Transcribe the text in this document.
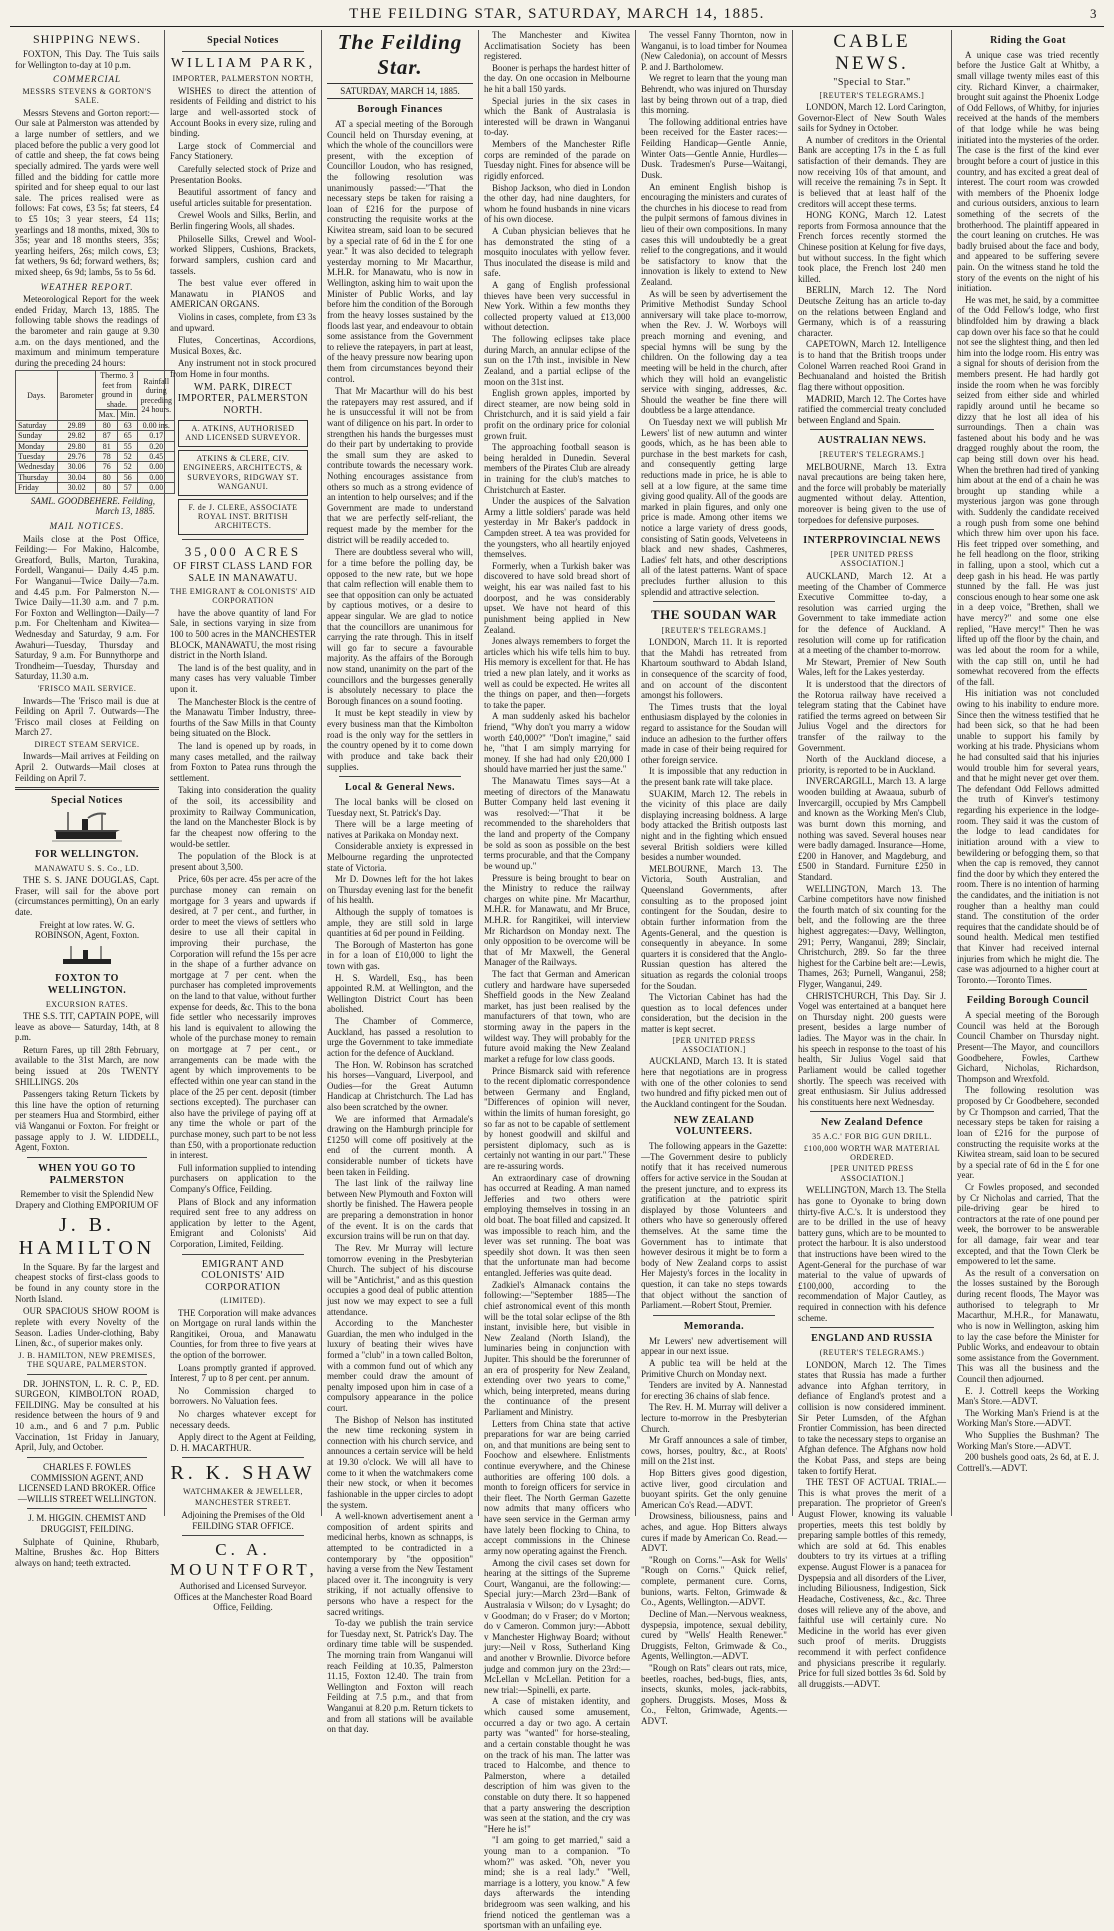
THE FEILDING STAR, SATURDAY, MARCH 14, 1885.	3
SHIPPING NEWS.

FOXTON, This Day. The Tuis sails for Wellington to-day at 10 p.m.

COMMERCIAL
MESSRS STEVENS & GORTON'S SALE.

Messrs Stevens and Gorton report:— Our sale at Palmerston was attended by a large number of settlers, and we placed before the public a very good lot of cattle and sheep, the fat cows being specially admired. The yards were well filled and the bidding for cattle more spirited and for sheep equal to our last sale. The prices realised were as follows: Fat cows, £3 5s; fat steers, £4 to £5 10s; 3 year steers, £4 11s; yearlings and 18 months, mixed, 30s to 35s; year and 18 months steers, 35s; yearling heifers, 26s; milch cows, £3; fat wethers, 9s 6d; forward wethers, 8s; mixed sheep, 6s 9d; lambs, 5s to 5s 6d.

WEATHER REPORT.

Meteorological Report for the week ended Friday, March 13, 1885. The following table shows the readings of the barometer and rain gauge at 9.30 a.m. on the days mentioned, and the maximum and minimum temperature during the preceding 24 hours:

Days.	Barometer	Thermo. 3 feet from ground in shade.		Rainfall during preceding 24 hours.
		Max.	Min.	
Saturday	29.89	80	63	0.00 ins.
Sunday	29.82	87	65	0.17
Monday	29.80	81	55	0.20
Tuesday	29.76	78	52	0.45
Wednesday	30.06	76	52	0.00
Thursday	30.04	80	56	0.00
Friday	30.02	80	57	0.00
SAML. GOODBEHERE. Feilding, March 13, 1885.
MAIL NOTICES.

Mails close at the Post Office, Feilding:— For Makino, Halcombe, Greatford, Bulls, Marton, Turakina, Fordell, Wanganui— Daily 4.45 p.m. For Wanganui—Twice Daily—7a.m. and 4.45 p.m. For Palmerston N.—Twice Daily—11.30 a.m. and 7 p.m. For Foxton and Wellington—Daily—7 p.m. For Cheltenham and Kiwitea—Wednesday and Saturday, 9 a.m. For Awahuri—Tuesday, Thursday and Saturday, 9 a.m. For Bunnythorpe and Trondheim—Tuesday, Thursday and Saturday, 11.30 a.m.

'FRISCO MAIL SERVICE.

Inwards—The 'Frisco mail is due at Feilding on April 7. Outwards—The 'Frisco mail closes at Feilding on March 27.

DIRECT STEAM SERVICE.

Inwards—Mail arrives at Feilding on April 2. Outwards—Mail closes at Feilding on April 7.

Special Notices
FOR WELLINGTON.
MANAWATU S. S. Co., LD.

THE S. S. JANE DOUGLAS, Capt. Fraser, will sail for the above port (circumstances permitting), On an early date.

Freight at low rates. W. G. ROBINSON, Agent, Foxton.

FOXTON TO WELLINGTON.
EXCURSION RATES.

THE S.S. TIT, CAPTAIN POPE, will leave as above— Saturday, 14th, at 8 p.m.

Return Fares, up till 28th February, available to the 31st March, are now being issued at 20s TWENTY SHILLINGS. 20s

Passengers taking Return Tickets by this line have the option of returning per steamers Hua and Stormbird, either viâ Wanganui or Foxton. For freight or passage apply to J. W. LIDDELL, Agent, Foxton.

WHEN YOU GO TO PALMERSTON

Remember to visit the Splendid New Drapery and Clothing EMPORIUM OF

J. B. HAMILTON

In the Square. By far the largest and cheapest stocks of first-class goods to be found in any county store in the North Island.

OUR SPACIOUS SHOW ROOM is replete with every Novelty of the Season. Ladies Under-clothing, Baby Linen, &c., of superior makes only.

J. B. HAMILTON, NEW PREMISES, THE SQUARE, PALMERSTON.

DR. JOHNSTON, L. R. C. P., ED. SURGEON, KIMBOLTON ROAD, FEILDING. May be consulted at his residence between the hours of 9 and 10 a.m., and 6 and 7 p.m. Public Vaccination, 1st Friday in January, April, July, and October.

CHARLES F. FOWLES COMMISSION AGENT, AND LICENSED LAND BROKER. Office—WILLIS STREET WELLINGTON.

J. M. HIGGIN. CHEMIST AND DRUGGIST, FEILDING.

Sulphate of Quinine, Rhubarb, Maltine, Brushes &c. Hop Bitters always on hand; teeth extracted.

Special Notices
WILLIAM PARK,
IMPORTER, PALMERSTON NORTH,

WISHES to direct the attention of residents of Feilding and district to his large and well-assorted stock of Account Books in every size, ruling and binding.

Large stock of Commercial and Fancy Stationery.

Carefully selected stock of Prize and Presentation Books.

Beautiful assortment of fancy and useful articles suitable for presentation.

Crewel Wools and Silks, Berlin, and Berlin fingering Wools, all shades.

Philoselle Silks, Crewel and Wool-worked Slippers, Cushions, Brackets, forward samplers, cushion card and tassels.

The best value ever offered in Manawatu in PIANOS and AMERICAN ORGANS.

Violins in cases, complete, from £3 3s and upward.

Flutes, Concertinas, Accordions, Musical Boxes, &c.

Any instrument not in stock procured from Home in four months.

WM. PARK, DIRECT IMPORTER, PALMERSTON NORTH.
A. ATKINS, AUTHORISED AND LICENSED SURVEYOR.
ATKINS & CLERE, CIV. ENGINEERS, ARCHITECTS, & SURVEYORS, RIDGWAY ST. WANGANUI.
F. de J. CLERE, ASSOCIATE ROYAL INST. BRITISH ARCHITECTS.
35,000 ACRES
OF FIRST CLASS LAND FOR SALE IN MANAWATU.
THE EMIGRANT & COLONISTS' AID CORPORATION

have the above quantity of land For Sale, in sections varying in size from 100 to 500 acres in the MANCHESTER BLOCK, MANAWATU, the most rising district in the North Island.

The land is of the best quality, and in many cases has very valuable Timber upon it.

The Manchester Block is the centre of the Manawatu Timber Industry, three-fourths of the Saw Mills in that County being situated on the Block.

The land is opened up by roads, in many cases metalled, and the railway from Foxton to Patea runs through the settlement.

Taking into consideration the quality of the soil, its accessibility and proximity to Railway Communication, the land on the Manchester Block is by far the cheapest now offering to the would-be settler.

The population of the Block is at present about 3,500.

Price, 60s per acre. 45s per acre of the purchase money can remain on mortgage for 3 years and upwards if desired, at 7 per cent., and further, in order to meet the views of settlers who desire to use all their capital in improving their purchase, the Corporation will refund the 15s per acre in the shape of a further advance on mortgage at 7 per cent. when the purchaser has completed improvements on the land to that value, without further expense for deeds, &c. This to the bona fide settler who necessarily improves his land is equivalent to allowing the whole of the purchase money to remain on mortgage at 7 per cent., or arrangements can be made with the agent by which improvements to be effected within one year can stand in the place of the 25 per cent. deposit (timber sections excepted). The purchaser can also have the privilege of paying off at any time the whole or part of the purchase money, such part to be not less than £50, with a proportionate reduction in interest.

Full information supplied to intending purchasers on application to the Company's Office, Feilding.

Plans of Block and any information required sent free to any address on application by letter to the Agent, Emigrant and Colonists' Aid Corporation, Limited, Feilding.

EMIGRANT AND COLONISTS' AID CORPORATION
(LIMITED).

THE Corporation will make advances on Mortgage on rural lands within the Rangitikei, Oroua, and Manawatu Counties, for from three to five years at the option of the borrower.

Loans promptly granted if approved. Interest, 7 up to 8 per cent. per annum.

No Commission charged to borrowers. No Valuation fees.

No charges whatever except for necessary deeds.

Apply direct to the Agent at Feilding, D. H. MACARTHUR.

R. K. SHAW
WATCHMAKER & JEWELLER,
MANCHESTER STREET.

Adjoining the Premises of the Old FEILDING STAR OFFICE.

C. A. MOUNTFORT,

Authorised and Licensed Surveyor. Offices at the Manchester Road Board Office, Feilding.

The Feilding Star.
SATURDAY, MARCH 14, 1885.
Borough Finances

AT a special meeting of the Borough Council held on Thursday evening, at which the whole of the councillors were present, with the exception of Councillor Loudon, who has resigned, the following resolution was unanimously passed:—"That the necessary steps be taken for raising a loan of £216 for the purpose of constructing the requisite works at the Kiwitea stream, said loan to be secured by a special rate of 6d in the £ for one year." It was also decided to telegraph yesterday morning to Mr Macarthur, M.H.R. for Manawatu, who is now in Wellington, asking him to wait upon the Minister of Public Works, and lay before him the condition of the Borough from the heavy losses sustained by the floods last year, and endeavour to obtain some assistance from the Government to relieve the ratepayers, in part at least, of the heavy pressure now bearing upon them from circumstances beyond their control.

That Mr Macarthur will do his best the ratepayers may rest assured, and if he is unsuccessful it will not be from want of diligence on his part. In order to strengthen his hands the burgesses must do their part by undertaking to provide the small sum they are asked to contribute towards the necessary work. Nothing encourages assistance from others so much as a strong evidence of an intention to help ourselves; and if the Government are made to understand that we are perfectly self-reliant, the request made by the member for the district will be readily acceded to.

There are doubtless several who will, for a time before the polling day, be opposed to the new rate, but we hope that calm reflection will enable them to see that opposition can only be actuated by captious motives, or a desire to appear singular. We are glad to notice that the councillors are unanimous for carrying the rate through. This in itself will go far to secure a favourable majority. As the affairs of the Borough now stand, unanimity on the part of the councillors and the burgesses generally is absolutely necessary to place the Borough finances on a sound footing.

It must be kept steadily in view by every business man that the Kimbolton road is the only way for the settlers in the country opened by it to come down with produce and take back their supplies.

Local & General News.

The local banks will be closed on Tuesday next, St. Patrick's Day.

There will be a large meeting of natives at Parikaka on Monday next.

Considerable anxiety is expressed in Melbourne regarding the unprotected state of Victoria.

Mr D. Downes left for the hot lakes on Thursday evening last for the benefit of his health.

Although the supply of tomatoes is ample, they are still sold in large quantities at 6d per pound in Feilding.

The Borough of Masterton has gone in for a loan of £10,000 to light the town with gas.

H. S. Wardell, Esq., has been appointed R.M. at Wellington, and the Wellington District Court has been abolished.

The Chamber of Commerce, Auckland, has passed a resolution to urge the Government to take immediate action for the defence of Auckland.

The Hon. W. Robinson has scratched his horses—Vanguard, Liverpool, and Oudies—for the Great Autumn Handicap at Christchurch. The Lad has also been scratched by the owner.

We are informed that Armadale's drawing on the Hamburgh principle for £1250 will come off positively at the end of the current month. A considerable number of tickets have been taken in Feilding.

The last link of the railway line between New Plymouth and Foxton will shortly be finished. The Hawera people are preparing a demonstration in honor of the event. It is on the cards that excursion trains will be run on that day.

The Rev. Mr Murray will lecture tomorrow evening in the Presbyterian Church. The subject of his discourse will be "Antichrist," and as this question occupies a good deal of public attention just now we may expect to see a full attendance.

According to the Manchester Guardian, the men who indulged in the luxury of beating their wives have formed a "club" in a town called Bolton, with a common fund out of which any member could draw the amount of penalty imposed upon him in case of a compulsory appearance in the police court.

The Bishop of Nelson has instituted the new time reckoning system in connection with his church service, and announces a certain service will be held at 19.30 o'clock. We will all have to come to it when the watchmakers come their new stock, or when it becomes fashionable in the upper circles to adopt the system.

A well-known advertisement anent a composition of ardent spirits and medicinal herbs, known as schnapps, is attempted to be contradicted in a contemporary by "the opposition" having a verse from the New Testament placed over it. The incongruity is very striking, if not actually offensive to persons who have a respect for the sacred writings.

To-day we publish the train service for Tuesday next, St. Patrick's Day. The ordinary time table will be suspended. The morning train from Wanganui will reach Feilding at 10.35, Palmerston 11.15, Foxton 12.40. The train from Wellington and Foxton will reach Feilding at 7.5 p.m., and that from Wanganui at 8.20 p.m. Return tickets to and from all stations will be available on that day.

The Manchester and Kiwitea Acclimatisation Society has been registered.

Booner is perhaps the hardest hitter of the day. On one occasion in Melbourne he hit a ball 150 yards.

Special juries in the six cases in which the Bank of Australasia is interested will be drawn in Wanganui to-day.

Members of the Manchester Rifle corps are reminded of the parade on Tuesday night. Fines for absence will be rigidly enforced.

Bishop Jackson, who died in London the other day, had nine daughters, for whom he found husbands in nine vicars of his own diocese.

A Cuban physician believes that he has demonstrated the sting of a mosquito inoculates with yellow fever. Thus inoculated the disease is mild and safe.

A gang of English professional thieves have been very successful in New York. Within a few months they collected property valued at £13,000 without detection.

The following eclipses take place during March, an annular eclipse of the sun on the 17th inst., invisible in New Zealand, and a partial eclipse of the moon on the 31st inst.

English grown apples, imported by direct steamer, are now being sold in Christchurch, and it is said yield a fair profit on the ordinary price for colonial grown fruit.

The approaching football season is being heralded in Dunedin. Several members of the Pirates Club are already in training for the club's matches to Christchurch at Easter.

Under the auspices of the Salvation Army a little soldiers' parade was held yesterday in Mr Baker's paddock in Campden street. A tea was provided for the youngsters, who all heartily enjoyed themselves.

Formerly, when a Turkish baker was discovered to have sold bread short of weight, his ear was nailed fast to his doorpost, and he was considerably upset. We have not heard of this punishment being applied in New Zealand.

Jones always remembers to forget the articles which his wife tells him to buy. His memory is excellent for that. He has tried a new plan lately, and it works as well as could be expected. He writes all the things on paper, and then—forgets to take the paper.

A man suddenly asked his bachelor friend, "Why don't you marry a widow worth £40,000?" "Don't imagine," said he, "that I am simply marrying for money. If she had had only £20,000 I should have married her just the same."

The Manawatu Times says—At a meeting of directors of the Manawatu Butter Company held last evening it was resolved:—"That it be recommended to the shareholders that the land and property of the Company be sold as soon as possible on the best terms procurable, and that the Company be wound up."

Pressure is being brought to bear on the Ministry to reduce the railway charges on white pine. Mr Macarthur, M.H.R. for Manawatu, and Mr Bruce, M.H.R. for Rangitikei, will interview Mr Richardson on Monday next. The only opposition to be overcome will be that of Mr Maxwell, the General Manager of the Railways.

The fact that German and American cutlery and hardware have superseded Sheffield goods in the New Zealand market, has just been realised by the manufacturers of that town, who are storming away in the papers in the wildest way. They will probably for the future avoid making the New Zealand market a refuge for low class goods.

Prince Bismarck said with reference to the recent diplomatic correspondence between Germany and England, "Differences of opinion will never, within the limits of human foresight, go so far as not to be capable of settlement by honest goodwill and skilful and persistent diplomacy, such as is certainly not wanting in our part." These are re-assuring words.

An extraordinary case of drowning has occurred at Reading. A man named Jefferies and two others were employing themselves in tossing in an old boat. The boat filled and capsized. It was impossible to reach him, and the lever was set running. The boat was speedily shot down. It was then seen that the unfortunate man had become entangled. Jefferies was quite dead.

Zadkiel's Almanack contains the following:—"September 1885—The chief astronomical event of this month will be the total solar eclipse of the 8th instant, invisible here, but visible in New Zealand (North Island), the luminaries being in conjunction with Jupiter. This should be the forerunner of an era of prosperity for New Zealand, extending over two years to come," which, being interpreted, means during the continuance of the present Parliament and Ministry.

Letters from China state that active preparations for war are being carried on, and that munitions are being sent to Foochow and elsewhere. Enlistments continue everywhere, and the Chinese authorities are offering 100 dols. a month to foreign officers for service in their fleet. The North German Gazette now admits that many officers who have seen service in the German army have lately been flocking to China, to accept commissions in the Chinese army now operating against the French.

Among the civil cases set down for hearing at the sittings of the Supreme Court, Wanganui, are the following:— Special jury:—March 23rd—Bank of Australasia v Wilson; do v Lysaght; do v Goodman; do v Fraser; do v Morton; do v Cameron. Common jury:—Abbott v Manchester Highway Board; without jury:—Neil v Ross, Sutherland King and another v Brownlie. Divorce before judge and common jury on the 23rd:—McLellan v McLellan. Petition for a new trial:—Spinelli, ex parte.

A case of mistaken identity, and which caused some amusement, occurred a day or two ago. A certain party was "wanted" for horse-stealing, and a certain constable thought he was on the track of his man. The latter was traced to Halcombe, and thence to Palmerston, where a detailed description of him was given to the constable on duty there. It so happened that a party answering the description was seen at the station, and the cry was "Here he is!"

"I am going to get married," said a young man to a companion. "To whom?" was asked. "Oh, never you mind; she is a real lady." "Well, marriage is a lottery, you know." A few days afterwards the intending bridegroom was seen walking, and his friend noticed the gentleman was a sportsman with an unfailing eye.

The vessel Fanny Thornton, now in Wanganui, is to load timber for Noumea (New Caledonia), on account of Messrs P. and J. Bartholomew.

We regret to learn that the young man Behrendt, who was injured on Thursday last by being thrown out of a trap, died this morning.

The following additional entries have been received for the Easter races:— Feilding Handicap—Gentle Annie, Winter Oats—Gentle Annie, Hurdles—Dusk. Tradesmen's Purse—Waitangi, Dusk.

An eminent English bishop is encouraging the ministers and curates of the churches in his diocese to read from the pulpit sermons of famous divines in lieu of their own compositions. In many cases this will undoubtedly be a great relief to the congregations, and it would be satisfactory to know that the innovation is likely to extend to New Zealand.

As will be seen by advertisement the Primitive Methodist Sunday School anniversary will take place to-morrow, when the Rev. J. W. Worboys will preach morning and evening, and special hymns will be sung by the children. On the following day a tea meeting will be held in the church, after which they will hold an evangelistic service with singing, addresses, &c. Should the weather be fine there will doubtless be a large attendance.

On Tuesday next we will publish Mr Lewers' list of new autumn and winter goods, which, as he has been able to purchase in the best markets for cash, and consequently getting large reductions made in price, he is able to sell at a low figure, at the same time giving good quality. All of the goods are marked in plain figures, and only one price is made. Among other items we notice a large variety of dress goods, consisting of Satin goods, Velveteens in black and new shades, Cashmeres, Ladies' felt hats, and other descriptions all of the latest patterns. Want of space precludes further allusion to this splendid and attractive selection.

THE SOUDAN WAR
[REUTER'S TELEGRAMS.]

LONDON, March 11. It is reported that the Mahdi has retreated from Khartoum southward to Abdah Island, in consequence of the scarcity of food, and on account of the discontent amongst his followers.

The Times trusts that the loyal enthusiasm displayed by the colonies in regard to assistance for the Soudan will induce an adhesion to the further offers made in case of their being required for other foreign service.

It is impossible that any reduction in the present bank rate will take place.

SUAKIM, March 12. The rebels in the vicinity of this place are daily displaying increasing boldness. A large body attacked the British outposts last night and in the fighting which ensued several British soldiers were killed besides a number wounded.

MELBOURNE, March 13. The Victoria, South Australian, and Queensland Governments, after consulting as to the proposed joint contingent for the Soudan, desire to obtain further information from the Agents-General, and the question is consequently in abeyance. In some quarters it is considered that the Anglo-Russian question has altered the situation as regards the colonial troops for the Soudan.

The Victorian Cabinet has had the question as to local defences under consideration, but the decision in the matter is kept secret.

[PER UNITED PRESS ASSOCIATION.]

AUCKLAND, March 13. It is stated here that negotiations are in progress with one of the other colonies to send two hundred and fifty picked men out of the Auckland contingent for the Soudan.

NEW ZEALAND VOLUNTEERS.

The following appears in the Gazette:—The Government desire to publicly notify that it has received numerous offers for active service in the Soudan at the present juncture, and to express its gratification at the patriotic spirit displayed by those Volunteers and others who have so generously offered themselves. At the same time the Government has to intimate that however desirous it might be to form a body of New Zealand corps to assist Her Majesty's forces in the locality in question, it can take no steps towards that object without the sanction of Parliament.—Robert Stout, Premier.

Memoranda.

Mr Lewers' new advertisement will appear in our next issue.

A public tea will be held at the Primitive Church on Monday next.

Tenders are invited by A. Nannestad for erecting 36 chains of slab fence.

The Rev. H. M. Murray will deliver a lecture to-morrow in the Presbyterian Church.

Mr Graff announces a sale of timber, cows, horses, poultry, &c., at Roots' mill on the 21st inst.

Hop Bitters gives good digestion, active liver, good circulation and buoyant spirits. Get the only genuine American Co's Read.—ADVT.

Drowsiness, biliousness, pains and aches, and ague. Hop Bitters always cures if made by American Co. Read.—ADVT.

"Rough on Corns."—Ask for Wells' "Rough on Corns." Quick relief, complete, permanent cure. Corns, bunions, warts. Felton, Grimwade & Co., Agents, Wellington.—ADVT.

Decline of Man.—Nervous weakness, dyspepsia, impotence, sexual debility, cured by "Wells' Health Renewer." Druggists, Felton, Grimwade & Co., Agents, Wellington.—ADVT.

"Rough on Rats" clears out rats, mice, beetles, roaches, bed-bugs, flies, ants, insects, skunks, moles, jack-rabbits, gophers. Druggists. Moses, Moss & Co., Felton, Grimwade, Agents.—ADVT.

CABLE NEWS.
"Special to Star."
[REUTER'S TELEGRAMS.]

LONDON, March 12. Lord Carington, Governor-Elect of New South Wales sails for Sydney in October.

A number of creditors in the Oriental Bank are accepting 17s in the £ as full satisfaction of their demands. They are now receiving 10s of that amount, and will receive the remaining 7s in Sept. It is believed that at least half of the creditors will accept these terms.

HONG KONG, March 12. Latest reports from Formosa announce that the French forces recently stormed the Chinese position at Kelung for five days, but without success. In the fight which took place, the French lost 240 men killed.

BERLIN, March 12. The Nord Deutsche Zeitung has an article to-day on the relations between England and Germany, which is of a reassuring character.

CAPETOWN, March 12. Intelligence is to hand that the British troops under Colonel Warren reached Rooi Grand in Bechuanaland and hoisted the British flag there without opposition.

MADRID, March 12. The Cortes have ratified the commercial treaty concluded between England and Spain.

AUSTRALIAN NEWS.
[REUTER'S TELEGRAMS.]

MELBOURNE, March 13. Extra naval precautions are being taken here, and the force will probably be materially augmented without delay. Attention, moreover is being given to the use of torpedoes for defensive purposes.

INTERPROVINCIAL NEWS
[PER UNITED PRESS ASSOCIATION.]

AUCKLAND, March 12. At a meeting of the Chamber of Commerce Executive Committee to-day, a resolution was carried urging the Government to take immediate action for the defence of Auckland. A resolution will come up for ratification at a meeting of the chamber to-morrow.

Mr Stewart, Premier of New South Wales, left for the Lakes yesterday.

It is understood that the directors of the Rotorua railway have received a telegram stating that the Cabinet have ratified the terms agreed on between Sir Julius Vogel and the directors for transfer of the railway to the Government.

North of the Auckland diocese, a priority, is reported to be in Auckland.

INVERCARGILL, March 13. A large wooden building at Awaaua, suburb of Invercargill, occupied by Mrs Campbell and known as the Working Men's Club, was burnt down this morning, and nothing was saved. Several houses near were badly damaged. Insurance—Home, £200 in Hanover, and Magdeburg, and £500 in Standard. Furniture £250 in Standard.

WELLINGTON, March 13. The Carbine competitors have now finished the fourth match of six counting for the belt, and the following are the three highest aggregates:—Davy, Wellington, 291; Perry, Wanganui, 289; Sinclair, Christchurch, 289. So far the three highest for the Carbine belt are:—Lewis, Thames, 263; Purnell, Wanganui, 258; Flyger, Wanganui, 249.

CHRISTCHURCH, This Day. Sir J. Vogel was entertained at a banquet here on Thursday night. 200 guests were present, besides a large number of ladies. The Mayor was in the chair. In his speech in response to the toast of his health, Sir Julius Vogel said that Parliament would be called together shortly. The speech was received with great enthusiasm. Sir Julius addressed his constituents here next Wednesday.

New Zealand Defence
35 A.C.' FOR BIG GUN DRILL.
£100,000 WORTH WAR MATERIAL ORDERED.
[PER UNITED PRESS ASSOCIATION.]

WELLINGTON, March 13. The Stella has gone to Oyonake to bring down thirty-five A.C.'s. It is understood they are to be drilled in the use of heavy battery guns, which are to be mounted to protect the harbour. It is also understood that instructions have been wired to the Agent-General for the purchase of war material to the value of upwards of £100,000, according to the recommendation of Major Cautley, as required in connection with his defence scheme.

ENGLAND AND RUSSIA
(REUTER'S TELEGRAMS.)

LONDON, March 12. The Times states that Russia has made a further advance into Afghan territory, in defiance of England's protest and a collision is now considered imminent. Sir Peter Lumsden, of the Afghan Frontier Commission, has been directed to take the necessary steps to organise an Afghan defence. The Afghans now hold the Kobat Pass, and steps are being taken to fortify Herat.

THE TEST OF ACTUAL TRIAL.—This is what proves the merit of a preparation. The proprietor of Green's August Flower, knowing its valuable properties, meets this test boldly by preparing sample bottles of this remedy, which are sold at 6d. This enables doubters to try its virtues at a trifling expense. August Flower is a panacea for Dyspepsia and all disorders of the Liver, including Biliousness, Indigestion, Sick Headache, Costiveness, &c., &c. Three doses will relieve any of the above, and faithful use will certainly cure. No Medicine in the world has ever given such proof of merits. Druggists recommend it with perfect confidence and physicians prescribe it regularly. Price for full sized bottles 3s 6d. Sold by all druggists.—ADVT.

Riding the Goat

A unique case was tried recently before the Justice Galt at Whitby, a small village twenty miles east of this city. Richard Kinver, a chairmaker, brought suit against the Phoenix Lodge of Odd Fellows, of Whitby, for injuries received at the hands of the members of that lodge while he was being initiated into the mysteries of the order. The case is the first of the kind ever brought before a court of justice in this country, and has excited a great deal of interest. The court room was crowded with members of the Phoenix lodge and curious outsiders, anxious to learn something of the secrets of the brotherhood. The plaintiff appeared in the court leaning on crutches. He was badly bruised about the face and body, and appeared to be suffering severe pain. On the witness stand he told the story of the events on the night of his initiation.

He was met, he said, by a committee of the Odd Fellow's lodge, who first blindfolded him by drawing a black cap down over his face so that he could not see the slightest thing, and then led him into the lodge room. His entry was a signal for shouts of derision from the members present. He had hardly got inside the room when he was forcibly seized from either side and whirled rapidly around until he became so dizzy that he lost all idea of his surroundings. Then a chain was fastened about his body and he was dragged roughly about the room, the cap being still down over his head. When the brethren had tired of yanking him about at the end of a chain he was brought up standing while a mysterious jargon was gone through with. Suddenly the candidate received a rough push from some one behind which threw him over upon his face. His feet tripped over something, and he fell headlong on the floor, striking in falling, upon a stool, which cut a deep gash in his head. He was partly stunned by the fall. He was just conscious enough to hear some one ask in a deep voice, "Brethen, shall we have mercy?" and some one else replied, "Have mercy!" Then he was lifted up off the floor by the chain, and was led about the room for a while, with the cap still on, until he had somewhat recovered from the effects of the fall.

His initiation was not concluded owing to his inability to endure more. Since then the witness testified that he had been sick, so that he had been unable to support his family by working at his trade. Physicians whom he had consulted said that his injuries would trouble him for several years, and that he might never get over them. The defendant Odd Fellows admitted the truth of Kinver's testimony regarding his experience in the lodge-room. They said it was the custom of the lodge to lead candidates for initiation around with a view to bewildering or befogging them, so that when the cap is removed, they cannot find the door by which they entered the room. There is no intention of harming the candidates, and the initiation is not rougher than a healthy man could stand. The constitution of the order requires that the candidate should be of sound health. Medical men testified that Kinver had received internal injuries from which he might die. The case was adjourned to a higher court at Toronto.—Toronto Times.

Feilding Borough Council

A special meeting of the Borough Council was held at the Borough Council Chamber on Thursday night. Present—The Mayor, and councillors Goodbehere, Fowles, Carthew Gichard, Nicholas, Richardson, Thompson and Wrexfold.

The following resolution was proposed by Cr Goodbehere, seconded by Cr Thompson and carried, That the necessary steps be taken for raising a loan of £216 for the purpose of constructing the requisite works at the Kiwitea stream, said loan to be secured by a special rate of 6d in the £ for one year.

Cr Fowles proposed, and seconded by Cr Nicholas and carried, That the pile-driving gear be hired to contractors at the rate of one pound per week, the borrower to be answerable for all damage, fair wear and tear excepted, and that the Town Clerk be empowered to let the same.

As the result of a conversation on the losses sustained by the Borough during recent floods, The Mayor was authorised to telegraph to Mr Macarthur, M.H.R., for Manawatu, who is now in Wellington, asking him to lay the case before the Minister for Public Works, and endeavour to obtain some assistance from the Government. This was all the business and the Council then adjourned.

E. J. Cottrell keeps the Working Man's Store.—ADVT.

The Working Man's Friend is at the Working Man's Store.—ADVT.

Who Supplies the Bushman? The Working Man's Store.—ADVT.

200 bushels good oats, 2s 6d, at E. J. Cottrell's.—ADVT.
